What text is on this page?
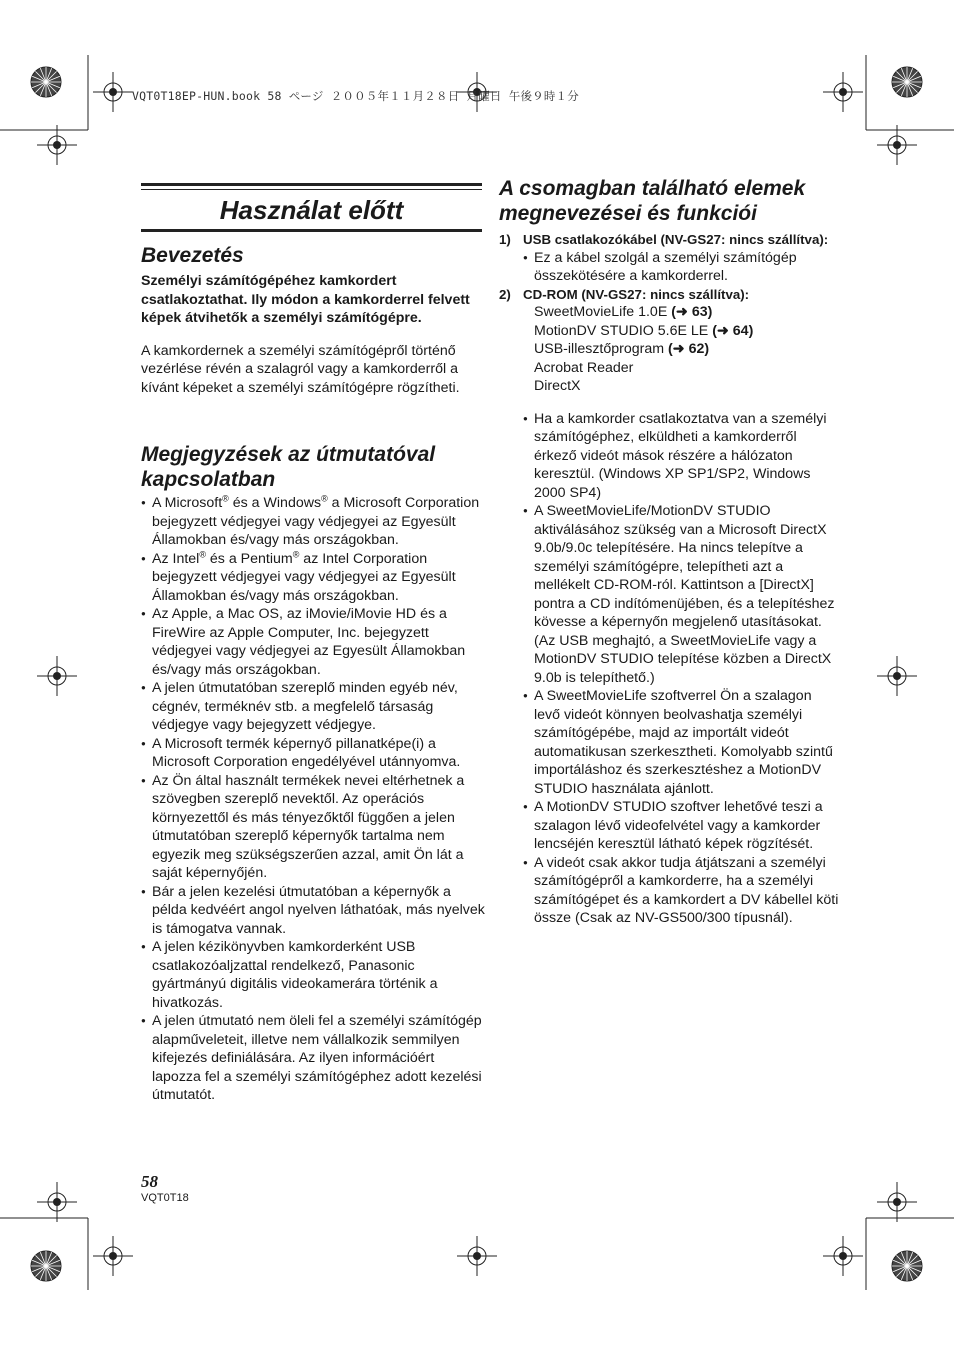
VQT0T18EP-HUN.book 58 ページ ２００５年１１月２８日 月曜日 午後９時１分
Használat előtt
Bevezetés
Személyi számítógépéhez kamkordert csatlakoztathat. Ily módon a kamkorderrel felvett képek átvihetők a személyi számítógépre.
A kamkordernek a személyi számítógépről történő vezérlése révén a szalagról vagy a kamkorderről a kívánt képeket a személyi számítógépre rögzítheti.
Megjegyzések az útmutatóval kapcsolatban
● A Microsoft® és a Windows® a Microsoft Corporation bejegyzett védjegyei vagy védjegyei az Egyesült Államokban és/vagy más országokban.
● Az Intel® és a Pentium® az Intel Corporation bejegyzett védjegyei vagy védjegyei az Egyesült Államokban és/vagy más országokban.
● Az Apple, a Mac OS, az iMovie/iMovie HD és a FireWire az Apple Computer, Inc. bejegyzett védjegyei vagy védjegyei az Egyesült Államokban és/vagy más országokban.
● A jelen útmutatóban szereplő minden egyéb név, cégnév, terméknév stb. a megfelelő társaság védjegye vagy bejegyzett védjegye.
● A Microsoft termék képernyő pillanatképe(i) a Microsoft Corporation engedélyével utánnyomva.
● Az Ön által használt termékek nevei eltérhetnek a szövegben szereplő nevektől. Az operációs környezettől és más tényezőktől függően a jelen útmutatóban szereplő képernyők tartalma nem egyezik meg szükségszerűen azzal, amit Ön lát a saját képernyőjén.
● Bár a jelen kezelési útmutatóban a képernyők a példa kedvéért angol nyelven láthatóak, más nyelvek is támogatva vannak.
● A jelen kézikönyvben kamkorderként USB csatlakozóaljzattal rendelkező, Panasonic gyártmányú digitális videokamerára történik a hivatkozás.
● A jelen útmutató nem öleli fel a személyi számítógép alapműveleteit, illetve nem vállalkozik semmilyen kifejezés definiálására. Az ilyen információért lapozza fel a személyi számítógéphez adott kezelési útmutatót.
A csomagban található elemek megnevezései és funkciói
1) USB csatlakozókábel (NV-GS27: nincs szállítva):
● Ez a kábel szolgál a személyi számítógép összekötésére a kamkorderrel.
2) CD-ROM (NV-GS27: nincs szállítva):
SweetMovieLife 1.0E (➜ 63)
MotionDV STUDIO 5.6E LE (➜ 64)
USB-illesztőprogram (➜ 62)
Acrobat Reader
DirectX
● Ha a kamkorder csatlakoztatva van a személyi számítógéphez, elküldheti a kamkorderről érkező videót mások részére a hálózaton keresztül. (Windows XP SP1/SP2, Windows 2000 SP4)
● A SweetMovieLife/MotionDV STUDIO aktiválásához szükség van a Microsoft DirectX 9.0b/9.0c telepítésére. Ha nincs telepítve a személyi számítógépre, telepítheti azt a mellékelt CD-ROM-ról. Kattintson a [DirectX] pontra a CD indítómenüjében, és a telepítéshez kövesse a képernyőn megjelenő utasításokat. (Az USB meghajtó, a SweetMovieLife vagy a MotionDV STUDIO telepítése közben a DirectX 9.0b is telepíthető.)
● A SweetMovieLife szoftverrel Ön a szalagon levő videót könnyen beolvashatja személyi számítógépébe, majd az importált videót automatikusan szerkesztheti. Komolyabb szintű importáláshoz és szerkesztéshez a MotionDV STUDIO használata ajánlott.
● A MotionDV STUDIO szoftver lehetővé teszi a szalagon lévő videofelvétel vagy a kamkorder lencséjén keresztül látható képek rögzítését.
● A videót csak akkor tudja átjátszani a személyi számítógépről a kamkorderre, ha a személyi számítógépet és a kamkordert a DV kábellel köti össze (Csak az NV-GS500/300 típusnál).
58
VQT0T18
